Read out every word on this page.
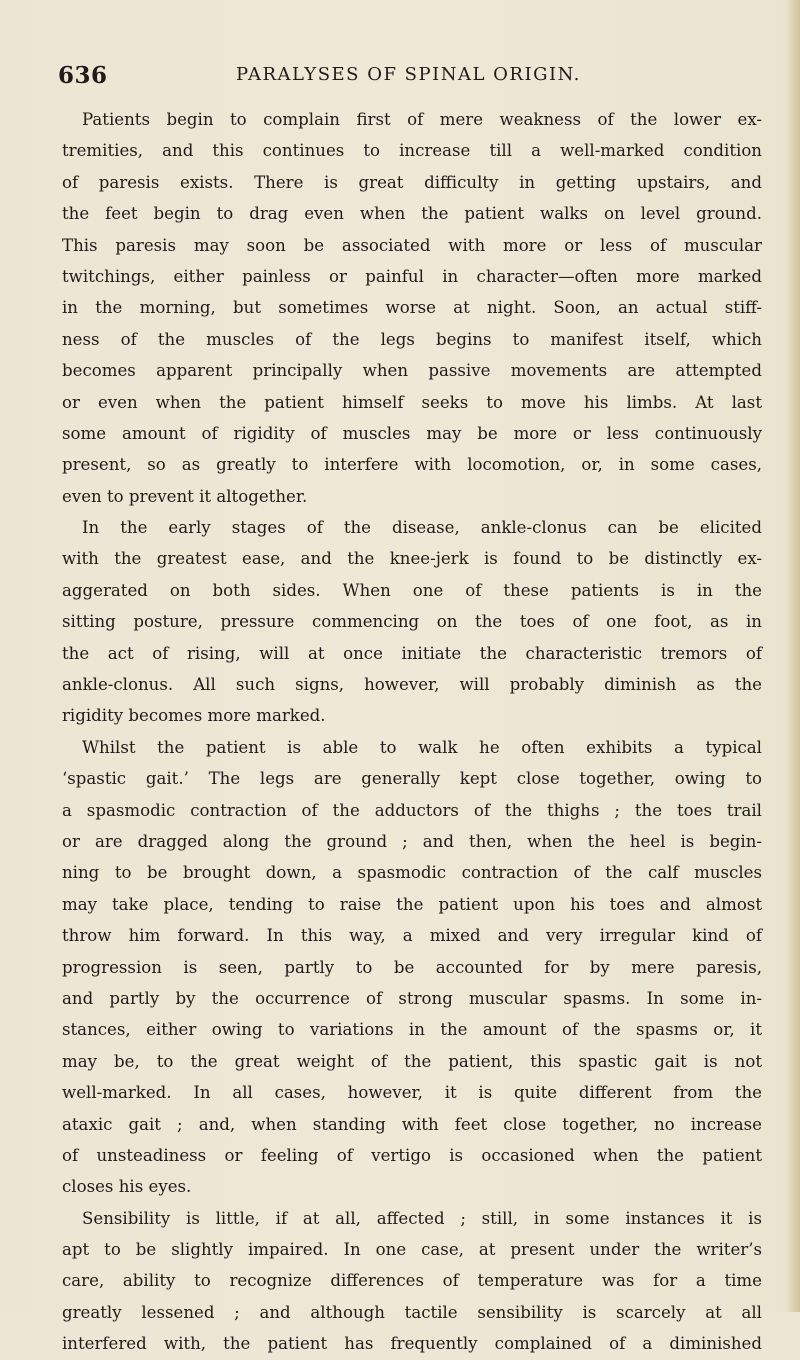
636	PARALYSES OF SPINAL ORIGIN.
Patients begin to complain first of mere weakness of the lower ex-
tremities, and this continues to increase till a well-marked condition
of paresis exists. There is great difficulty in getting upstairs, and
the feet begin to drag even when the patient walks on level ground.
This paresis may soon be associated with more or less of muscular
twitchings, either painless or painful in character—often more marked
in the morning, but sometimes worse at night. Soon, an actual stiff-
ness of the muscles of the legs begins to manifest itself, which
becomes apparent principally when passive movements are attempted
or even when the patient himself seeks to move his limbs. At last
some amount of rigidity of muscles may be more or less continuously
present, so as greatly to interfere with locomotion, or, in some cases,
even to prevent it altogether.
In the early stages of the disease, ankle-clonus can be elicited
with the greatest ease, and the knee-jerk is found to be distinctly ex-
aggerated on both sides. When one of these patients is in the
sitting posture, pressure commencing on the toes of one foot, as in
the act of rising, will at once initiate the characteristic tremors of
ankle-clonus. All such signs, however, will probably diminish as the
rigidity becomes more marked.
Whilst the patient is able to walk he often exhibits a typical
‘spastic gait.’ The legs are generally kept close together, owing to
a spasmodic contraction of the adductors of the thighs ; the toes trail
or are dragged along the ground ; and then, when the heel is begin-
ning to be brought down, a spasmodic contraction of the calf muscles
may take place, tending to raise the patient upon his toes and almost
throw him forward. In this way, a mixed and very irregular kind of
progression is seen, partly to be accounted for by mere paresis,
and partly by the occurrence of strong muscular spasms. In some in-
stances, either owing to variations in the amount of the spasms or, it
may be, to the great weight of the patient, this spastic gait is not
well-marked. In all cases, however, it is quite different from the
ataxic gait ; and, when standing with feet close together, no increase
of unsteadiness or feeling of vertigo is occasioned when the patient
closes his eyes.
Sensibility is little, if at all, affected ; still, in some instances it is
apt to be slightly impaired. In one case, at present under the writer’s
care, ability to recognize differences of temperature was for a time
greatly lessened ; and although tactile sensibility is scarcely at all
interfered with, the patient has frequently complained of a diminished
